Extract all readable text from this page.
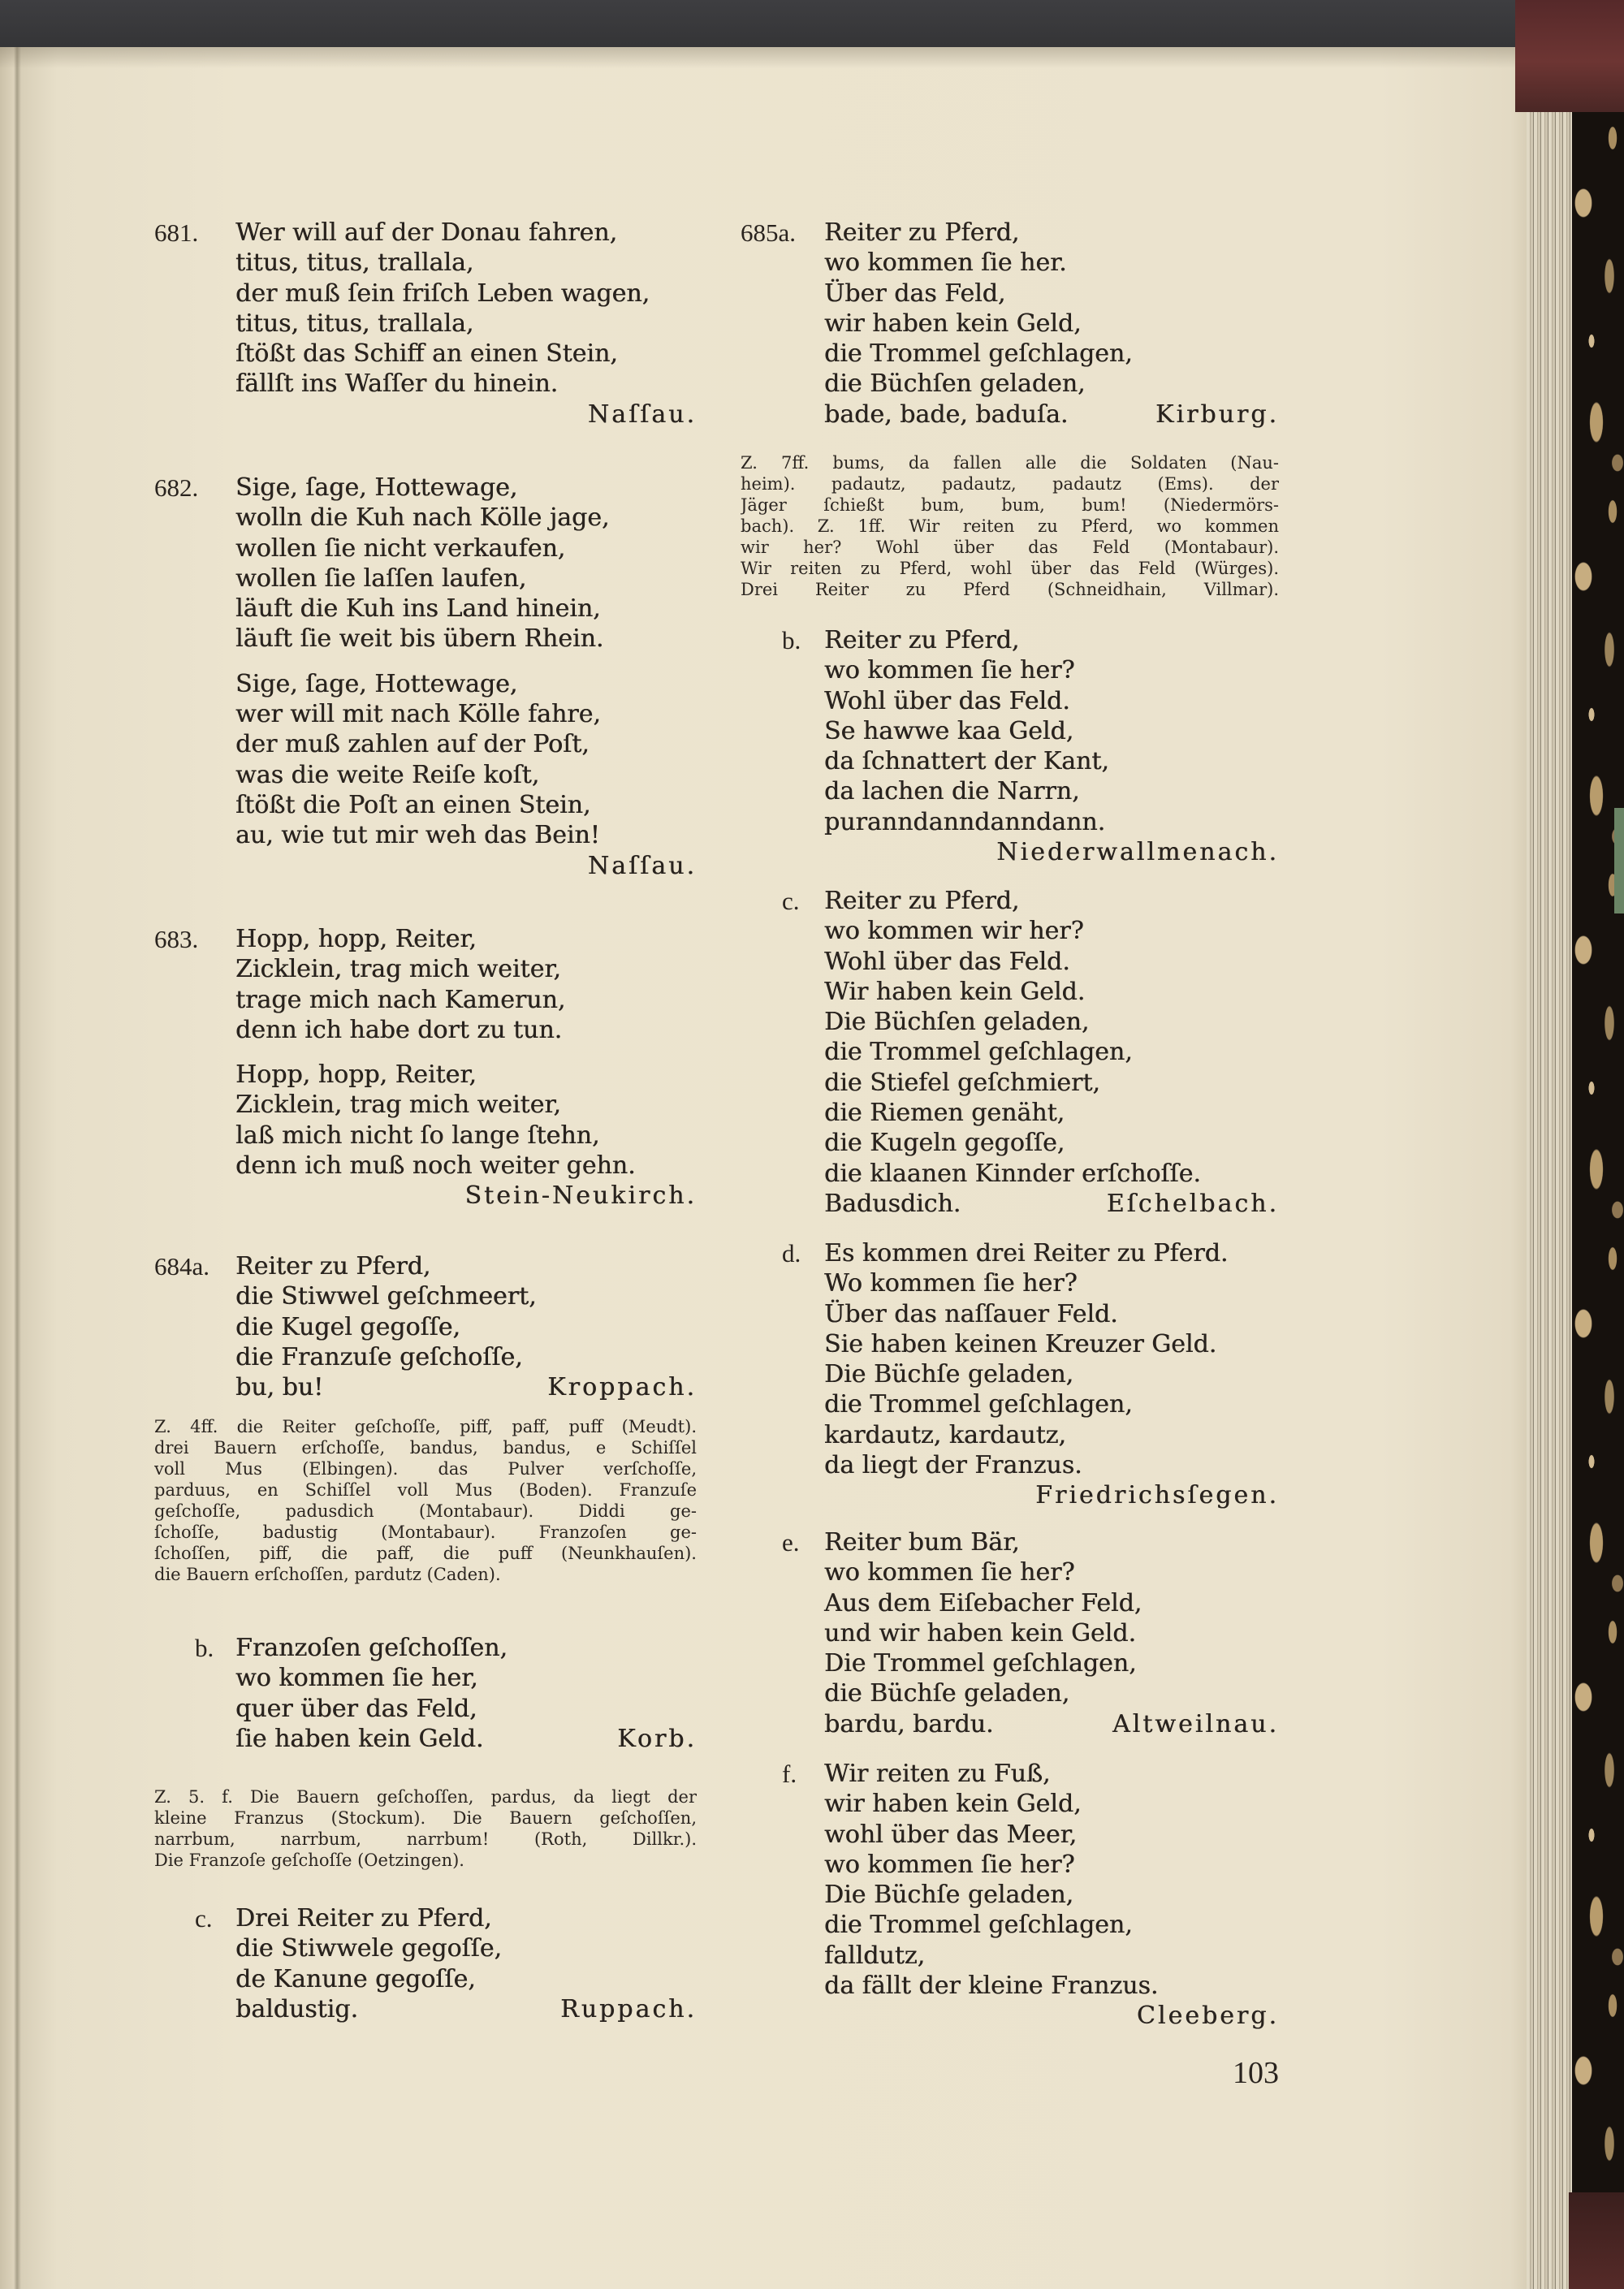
681. Wer will auf der Donau fahren,
titus, titus, trallala,
der muß ſein friſch Leben wagen,
titus, titus, trallala,
ſtößt das Schiff an einen Stein,
fällſt ins Waſſer du hinein.
Naſſau.
682. Sige, ſage, Hottewage,
wolln die Kuh nach Kölle jage,
wollen ſie nicht verkaufen,
wollen ſie laſſen laufen,
läuft die Kuh ins Land hinein,
läuft ſie weit bis übern Rhein.
Sige, ſage, Hottewage,
wer will mit nach Kölle fahre,
der muß zahlen auf der Poſt,
was die weite Reiſe koſt,
ſtößt die Poſt an einen Stein,
au, wie tut mir weh das Bein!
Naſſau.
683. Hopp, hopp, Reiter,
Zicklein, trag mich weiter,
trage mich nach Kamerun,
denn ich habe dort zu tun.
Hopp, hopp, Reiter,
Zicklein, trag mich weiter,
laß mich nicht ſo lange ſtehn,
denn ich muß noch weiter gehn.
Stein-Neukirch.
684a. Reiter zu Pferd,
die Stiwwel geſchmeert,
die Kugel gegoſſe,
die Franzuſe geſchoſſe,
bu, bu!	Kroppach.
Z. 4ff. die Reiter geſchoſſe, piff, paff, puff (Meudt).
drei Bauern erſchoſſe, bandus, bandus, e Schiſſel
voll Mus (Elbingen). das Pulver verſchoſſe,
parduus, en Schiſſel voll Mus (Boden). Franzuſe
geſchoſſe, padusdich (Montabaur). Diddi ge-
ſchoſſe, badustig (Montabaur). Franzoſen ge-
ſchoſſen, piff, die paff, die puff (Neunkhauſen).
die Bauern erſchoſſen, pardutz (Caden).
b. Franzoſen geſchoſſen,
wo kommen ſie her,
quer über das Feld,
ſie haben kein Geld.	Korb.
Z. 5. f. Die Bauern geſchoſſen, pardus, da liegt der
kleine Franzus (Stockum). Die Bauern geſchoſſen,
narrbum, narrbum, narrbum! (Roth, Dillkr.).
Die Franzoſe geſchoſſe (Oetzingen).
c. Drei Reiter zu Pferd,
die Stiwwele gegoſſe,
de Kanune gegoſſe,
baldustig.	Ruppach.
685a. Reiter zu Pferd,
wo kommen ſie her.
Über das Feld,
wir haben kein Geld,
die Trommel geſchlagen,
die Büchſen geladen,
bade, bade, baduſa.	Kirburg.
Z. 7ff. bums, da fallen alle die Soldaten (Nau-
heim). padautz, padautz, padautz (Ems). der
Jäger ſchießt bum, bum, bum! (Niedermörs-
bach). Z. 1ff. Wir reiten zu Pferd, wo kommen
wir her? Wohl über das Feld (Montabaur).
Wir reiten zu Pferd, wohl über das Feld (Würges).
Drei Reiter zu Pferd (Schneidhain, Villmar).
b. Reiter zu Pferd,
wo kommen ſie her?
Wohl über das Feld.
Se hawwe kaa Geld,
da ſchnattert der Kant,
da lachen die Narrn,
puranndanndanndann.
Niederwallmenach.
c. Reiter zu Pferd,
wo kommen wir her?
Wohl über das Feld.
Wir haben kein Geld.
Die Büchſen geladen,
die Trommel geſchlagen,
die Stiefel geſchmiert,
die Riemen genäht,
die Kugeln gegoſſe,
die klaanen Kinnder erſchoſſe.
Badusdich.	Eſchelbach.
d. Es kommen drei Reiter zu Pferd.
Wo kommen ſie her?
Über das naſſauer Feld.
Sie haben keinen Kreuzer Geld.
Die Büchſe geladen,
die Trommel geſchlagen,
kardautz, kardautz,
da liegt der Franzus.
Friedrichsſegen.
e. Reiter bum Bär,
wo kommen ſie her?
Aus dem Eiſebacher Feld,
und wir haben kein Geld.
Die Trommel geſchlagen,
die Büchſe geladen,
bardu, bardu.	Altweilnau.
f. Wir reiten zu Fuß,
wir haben kein Geld,
wohl über das Meer,
wo kommen ſie her?
Die Büchſe geladen,
die Trommel geſchlagen,
falldutz,
da fällt der kleine Franzus.
Cleeberg.
103
